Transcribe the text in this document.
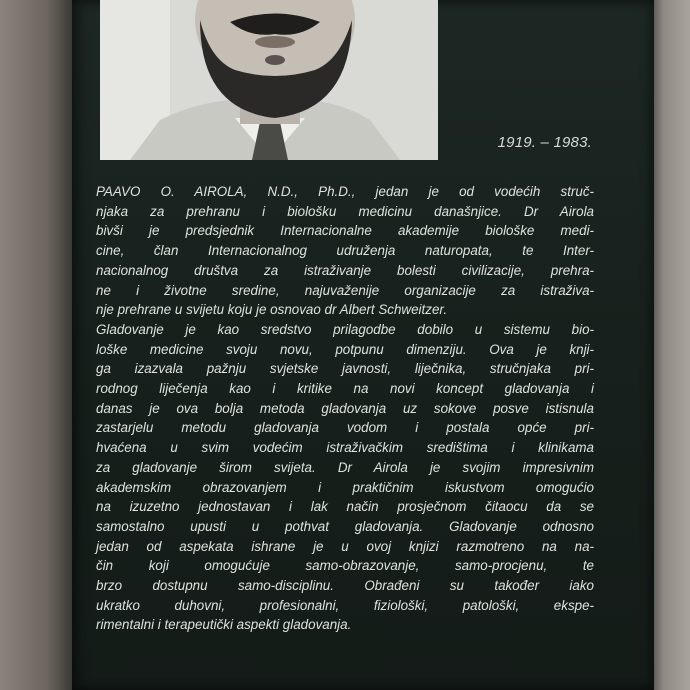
1919. – 1983.
PAAVO O. AIROLA, N.D., Ph.D., jedan je od vodećih struč-
njaka za prehranu i biološku medicinu današnjice. Dr Airola
bivši je predsjednik Internacionalne akademije biološke medi-
cine, član Internacionalnog udruženja naturopata, te Inter-
nacionalnog društva za istraživanje bolesti civilizacije, prehra-
ne i životne sredine, najuvaženije organizacije za istraživa-
nje prehrane u svijetu koju je osnovao dr Albert Schweitzer.
Gladovanje je kao sredstvo prilagodbe dobilo u sistemu bio-
loške medicine svoju novu, potpunu dimenziju. Ova je knji-
ga izazvala pažnju svjetske javnosti, liječnika, stručnjaka pri-
rodnog liječenja kao i kritike na novi koncept gladovanja i
danas je ova bolja metoda gladovanja uz sokove posve istisnula
zastarjelu metodu gladovanja vodom i postala opće pri-
hvaćena u svim vodećim istraživačkim središtima i klinikama
za gladovanje širom svijeta. Dr Airola je svojim impresivnim
akademskim obrazovanjem i praktičnim iskustvom omogućio
na izuzetno jednostavan i lak način prosječnom čitaocu da se
samostalno upusti u pothvat gladovanja. Gladovanje odnosno
jedan od aspekata ishrane je u ovoj knjizi razmotreno na na-
čin koji omogućuje samo-obrazovanje, samo-procjenu, te
brzo dostupnu samo-disciplinu. Obrađeni su također iako
ukratko duhovni, profesionalni, fiziološki, patološki, ekspe-
rimentalni i terapeutički aspekti gladovanja.
